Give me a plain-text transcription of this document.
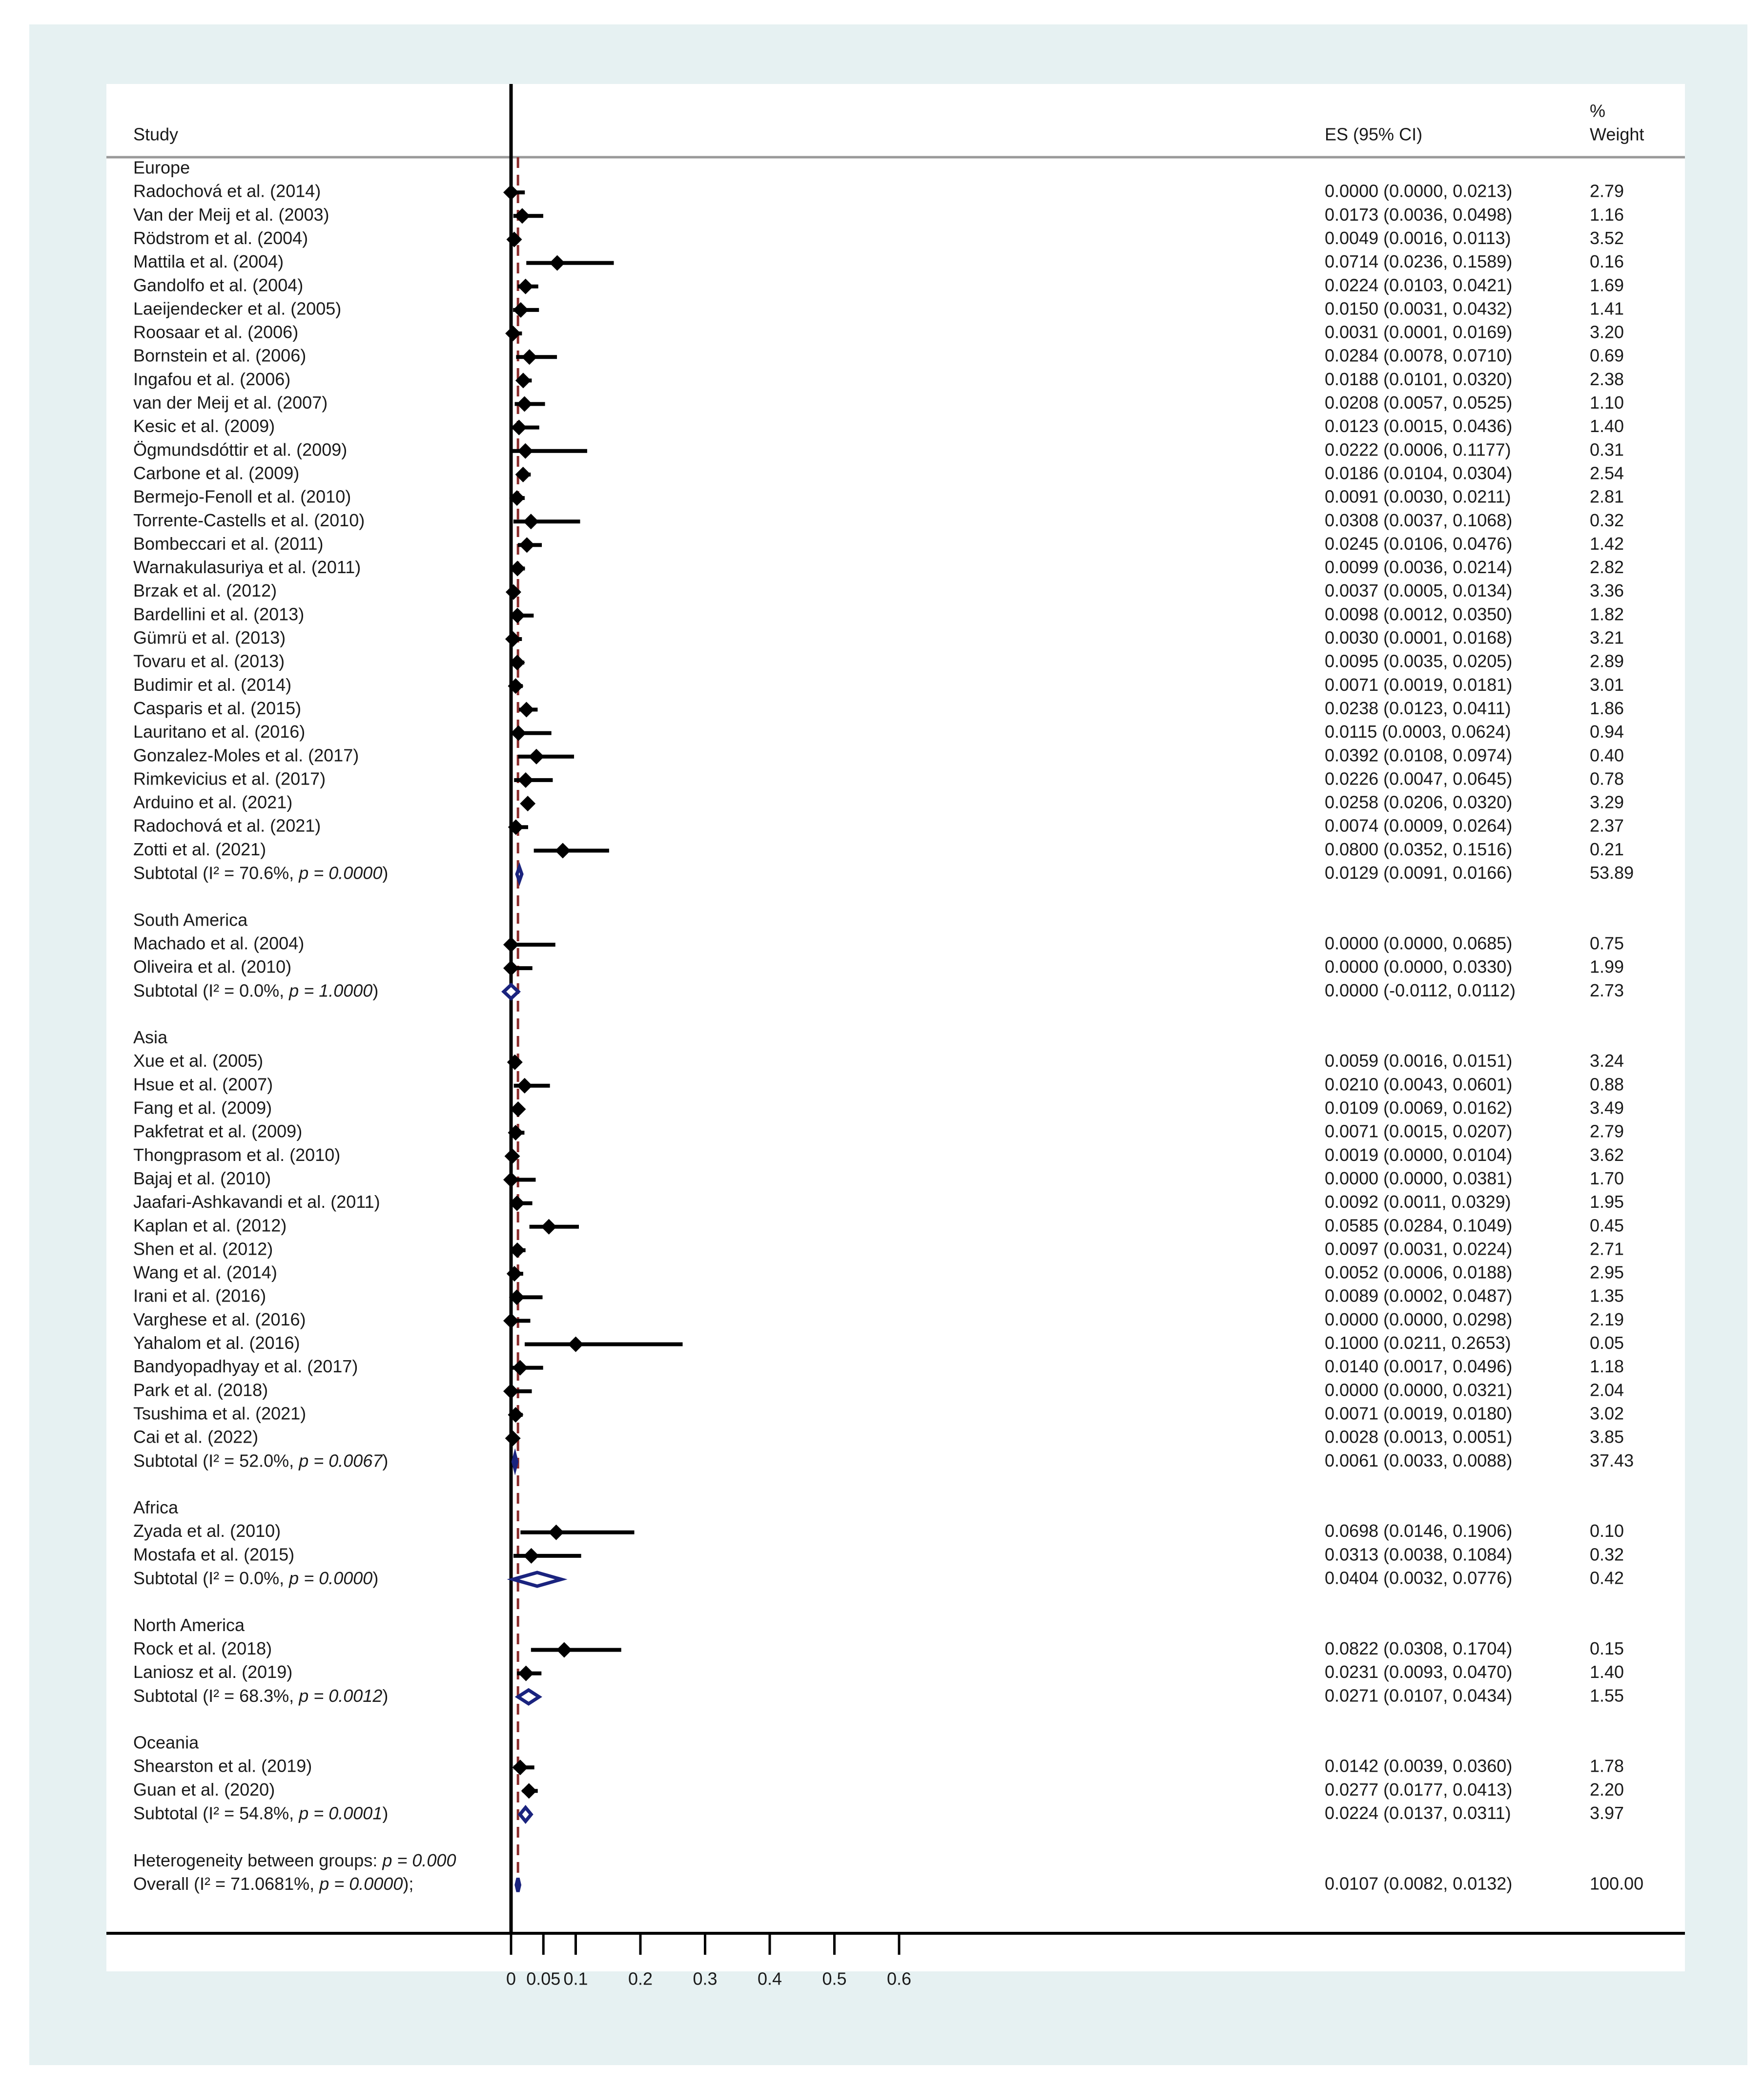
Study	ES (95% CI)
%
Weight
Europe
Radochová et al. (2014)	0.0000 (0.0000, 0.0213)	2.79
Van der Meij et al. (2003)	0.0173 (0.0036, 0.0498)	1.16
Rödstrom et al. (2004)	0.0049 (0.0016, 0.0113)	3.52
Mattila et al. (2004)	0.0714 (0.0236, 0.1589)	0.16
Gandolfo et al. (2004)	0.0224 (0.0103, 0.0421)	1.69
Laeijendecker et al. (2005)	0.0150 (0.0031, 0.0432)	1.41
Roosaar et al. (2006)	0.0031 (0.0001, 0.0169)	3.20
Bornstein et al. (2006)	0.0284 (0.0078, 0.0710)	0.69
Ingafou et al. (2006)	0.0188 (0.0101, 0.0320)	2.38
van der Meij et al. (2007)	0.0208 (0.0057, 0.0525)	1.10
Kesic et al. (2009)	0.0123 (0.0015, 0.0436)	1.40
Ögmundsdóttir et al. (2009)	0.0222 (0.0006, 0.1177)	0.31
Carbone et al. (2009)	0.0186 (0.0104, 0.0304)	2.54
Bermejo-Fenoll et al. (2010)	0.0091 (0.0030, 0.0211)	2.81
Torrente-Castells et al. (2010)	0.0308 (0.0037, 0.1068)	0.32
Bombeccari et al. (2011)	0.0245 (0.0106, 0.0476)	1.42
Warnakulasuriya et al. (2011)	0.0099 (0.0036, 0.0214)	2.82
Brzak et al. (2012)	0.0037 (0.0005, 0.0134)	3.36
Bardellini et al. (2013)	0.0098 (0.0012, 0.0350)	1.82
Gümrü et al. (2013)	0.0030 (0.0001, 0.0168)	3.21
Tovaru et al. (2013)	0.0095 (0.0035, 0.0205)	2.89
Budimir et al. (2014)	0.0071 (0.0019, 0.0181)	3.01
Casparis et al. (2015)	0.0238 (0.0123, 0.0411)	1.86
Lauritano et al. (2016)	0.0115 (0.0003, 0.0624)	0.94
Gonzalez-Moles et al. (2017)	0.0392 (0.0108, 0.0974)	0.40
Rimkevicius et al. (2017)	0.0226 (0.0047, 0.0645)	0.78
Arduino et al. (2021)	0.0258 (0.0206, 0.0320)	3.29
Radochová et al. (2021)	0.0074 (0.0009, 0.0264)	2.37
Zotti et al. (2021)	0.0800 (0.0352, 0.1516)	0.21
Subtotal (I² = 70.6%, p = 0.0000)	0.0129 (0.0091, 0.0166)	53.89
South America
Machado et al. (2004)	0.0000 (0.0000, 0.0685)	0.75
Oliveira et al. (2010)	0.0000 (0.0000, 0.0330)	1.99
Subtotal (I² = 0.0%, p = 1.0000)	0.0000 (-0.0112, 0.0112)	2.73
Asia
Xue et al. (2005)	0.0059 (0.0016, 0.0151)	3.24
Hsue et al. (2007)	0.0210 (0.0043, 0.0601)	0.88
Fang et al. (2009)	0.0109 (0.0069, 0.0162)	3.49
Pakfetrat et al. (2009)	0.0071 (0.0015, 0.0207)	2.79
Thongprasom et al. (2010)	0.0019 (0.0000, 0.0104)	3.62
Bajaj et al. (2010)	0.0000 (0.0000, 0.0381)	1.70
Jaafari-Ashkavandi et al. (2011)	0.0092 (0.0011, 0.0329)	1.95
Kaplan et al. (2012)	0.0585 (0.0284, 0.1049)	0.45
Shen et al. (2012)	0.0097 (0.0031, 0.0224)	2.71
Wang et al. (2014)	0.0052 (0.0006, 0.0188)	2.95
Irani et al. (2016)	0.0089 (0.0002, 0.0487)	1.35
Varghese et al. (2016)	0.0000 (0.0000, 0.0298)	2.19
Yahalom et al. (2016)	0.1000 (0.0211, 0.2653)	0.05
Bandyopadhyay et al. (2017)	0.0140 (0.0017, 0.0496)	1.18
Park et al. (2018)	0.0000 (0.0000, 0.0321)	2.04
Tsushima et al. (2021)	0.0071 (0.0019, 0.0180)	3.02
Cai et al. (2022)	0.0028 (0.0013, 0.0051)	3.85
Subtotal (I² = 52.0%, p = 0.0067)	0.0061 (0.0033, 0.0088)	37.43
Africa
Zyada et al. (2010)	0.0698 (0.0146, 0.1906)	0.10
Mostafa et al. (2015)	0.0313 (0.0038, 0.1084)	0.32
Subtotal (I² = 0.0%, p = 0.0000)	0.0404 (0.0032, 0.0776)	0.42
North America
Rock et al. (2018)	0.0822 (0.0308, 0.1704)	0.15
Laniosz et al. (2019)	0.0231 (0.0093, 0.0470)	1.40
Subtotal (I² = 68.3%, p = 0.0012)	0.0271 (0.0107, 0.0434)	1.55
Oceania
Shearston et al. (2019)	0.0142 (0.0039, 0.0360)	1.78
Guan et al. (2020)	0.0277 (0.0177, 0.0413)	2.20
Subtotal (I² = 54.8%, p = 0.0001)	0.0224 (0.0137, 0.0311)	3.97
Heterogeneity between groups: p = 0.000
Overall (I² = 71.0681%, p = 0.0000);	0.0107 (0.0082, 0.0132)	100.00
0 0.05 0.1 0.2 0.3 0.4 0.5 0.6
